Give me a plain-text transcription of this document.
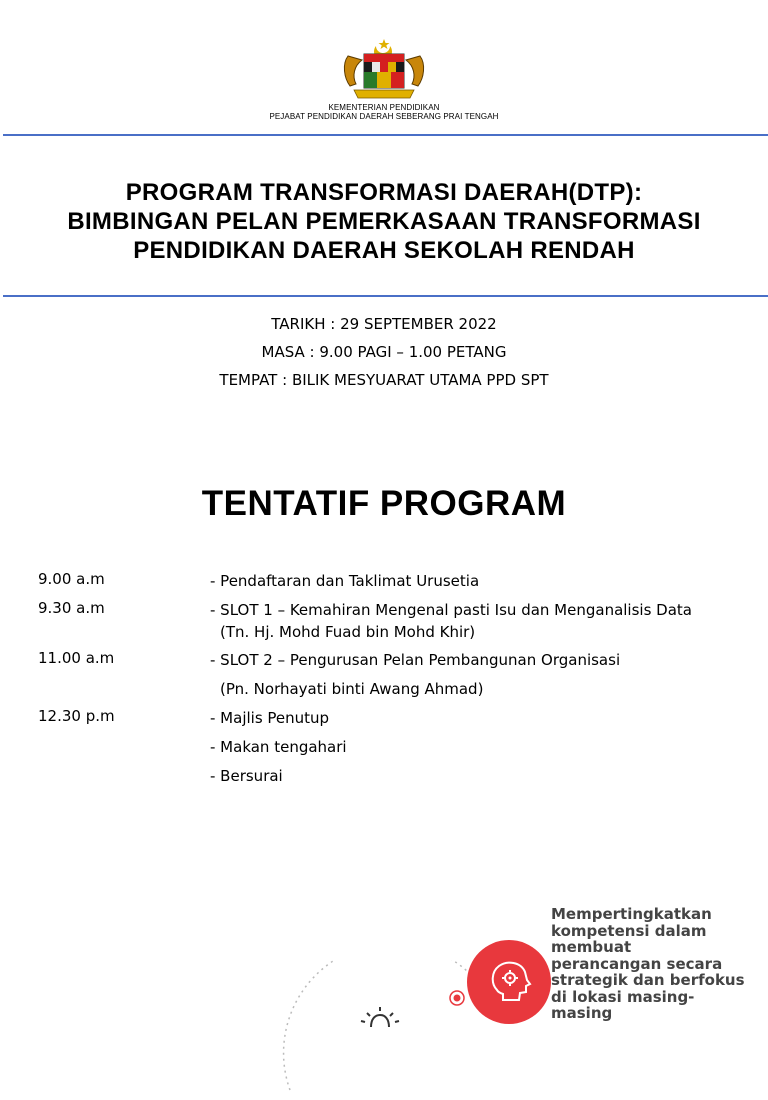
KEMENTERIAN PENDIDIKAN
PEJABAT PENDIDIKAN DAERAH SEBERANG PRAI TENGAH
PROGRAM TRANSFORMASI DAERAH(DTP):
BIMBINGAN PELAN PEMERKASAAN TRANSFORMASI
PENDIDIKAN DAERAH SEKOLAH RENDAH
TARIKH : 29 SEPTEMBER 2022
MASA : 9.00 PAGI – 1.00 PETANG
TEMPAT : BILIK MESYUARAT UTAMA PPD SPT
TENTATIF PROGRAM
9.00 a.m	- Pendaftaran dan Taklimat Urusetia
9.30 a.m	- SLOT 1 – Kemahiran Mengenal pasti Isu dan Menganalisis Data
(Tn. Hj. Mohd Fuad bin Mohd Khir)
11.00 a.m	- SLOT 2 – Pengurusan Pelan Pembangunan Organisasi
(Pn. Norhayati binti Awang Ahmad)
12.30 p.m	- Majlis Penutup
- Makan tengahari
- Bersurai
Mempertingkatkan
kompetensi dalam
membuat
perancangan secara
strategik dan berfokus
di lokasi masing-
masing
